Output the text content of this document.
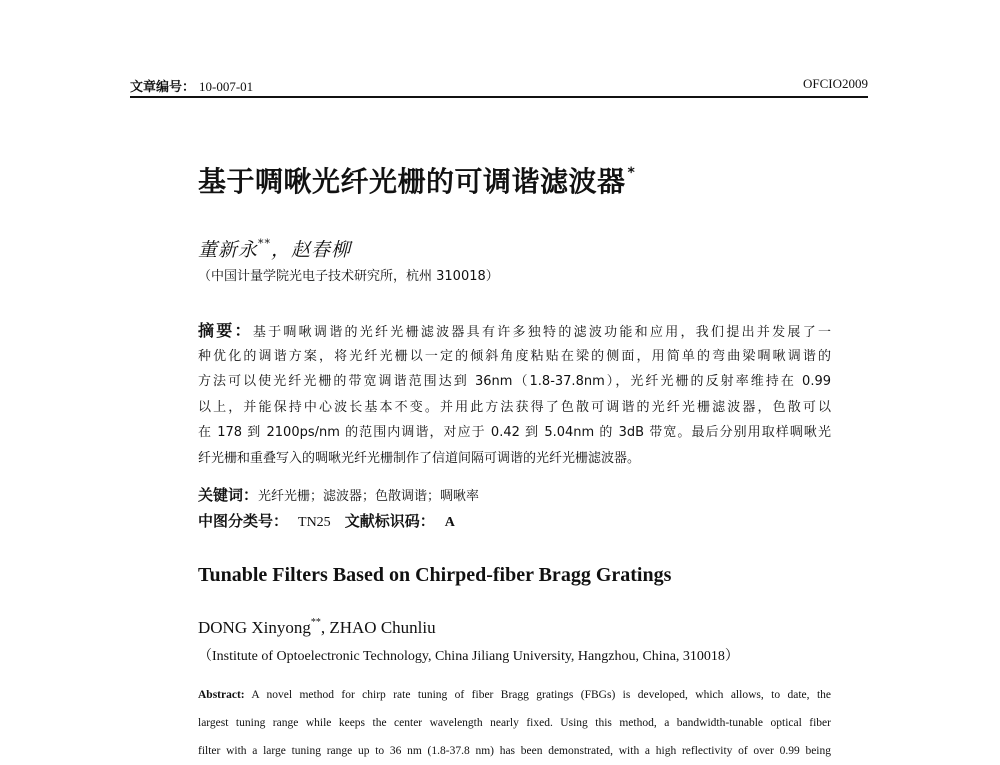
文章编号： 10-007-01	OFCIO2009
基于啁啾光纤光栅的可调谐滤波器 *
董新永**，赵春柳
（中国计量学院光电子技术研究所，杭州 310018）
摘要：基于啁啾调谐的光纤光栅滤波器具有许多独特的滤波功能和应用，我们提出并发展了一
种优化的调谐方案，将光纤光栅以一定的倾斜角度粘贴在梁的侧面，用简单的弯曲梁啁啾调谐的
方法可以使光纤光栅的带宽调谐范围达到 36nm（1.8-37.8nm），光纤光栅的反射率维持在 0.99
以上，并能保持中心波长基本不变。并用此方法获得了色散可调谐的光纤光栅滤波器，色散可以
在 178 到 2100ps/nm 的范围内调谐，对应于 0.42 到 5.04nm 的 3dB 带宽。最后分别用取样啁啾光
纤光栅和重叠写入的啁啾光纤光栅制作了信道间隔可调谐的光纤光栅滤波器。
关键词：光纤光栅；滤波器；色散调谐；啁啾率
中图分类号： TN25 文献标识码： A
Tunable Filters Based on Chirped-fiber Bragg Gratings
DONG Xinyong**, ZHAO Chunliu
（Institute of Optoelectronic Technology, China Jiliang University, Hangzhou, China, 310018）
Abstract: A novel method for chirp rate tuning of fiber Bragg gratings (FBGs) is developed, which allows, to date, the
largest tuning range while keeps the center wavelength nearly fixed. Using this method, a bandwidth-tunable optical fiber
filter with a large tuning range up to 36 nm (1.8-37.8 nm) has been demonstrated, with a high reflectivity of over 0.99 being
